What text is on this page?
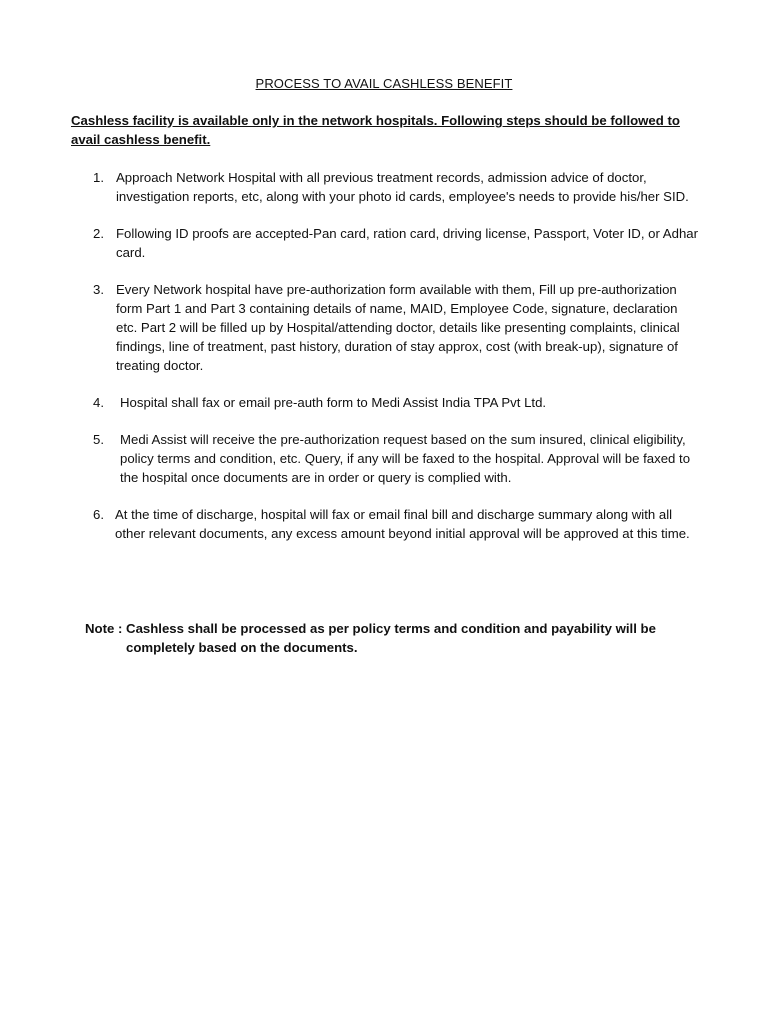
PROCESS TO AVAIL CASHLESS BENEFIT
Cashless facility is available only in the network hospitals. Following steps should be followed to avail cashless benefit.
1. Approach Network Hospital with all previous treatment records, admission advice of doctor, investigation reports, etc, along with your photo id cards, employee's needs to provide his/her SID.
2. Following ID proofs are accepted-Pan card, ration card, driving license, Passport, Voter ID, or Adhar card.
3. Every Network hospital have pre-authorization form available with them, Fill up pre-authorization form Part 1 and Part 3 containing details of name, MAID, Employee Code, signature, declaration etc. Part 2 will be filled up by Hospital/attending doctor, details like presenting complaints, clinical findings, line of treatment, past history, duration of stay approx, cost (with break-up), signature of treating doctor.
4. Hospital shall fax or email pre-auth form to Medi Assist India TPA Pvt Ltd.
5. Medi Assist will receive the pre-authorization request based on the sum insured, clinical eligibility, policy terms and condition, etc. Query, if any will be faxed to the hospital. Approval will be faxed to the hospital once documents are in order or query is complied with.
6. At the time of discharge, hospital will fax or email final bill and discharge summary along with all other relevant documents, any excess amount beyond initial approval will be approved at this time.
Note : Cashless shall be processed as per policy terms and condition and payability will be
completely based on the documents.
